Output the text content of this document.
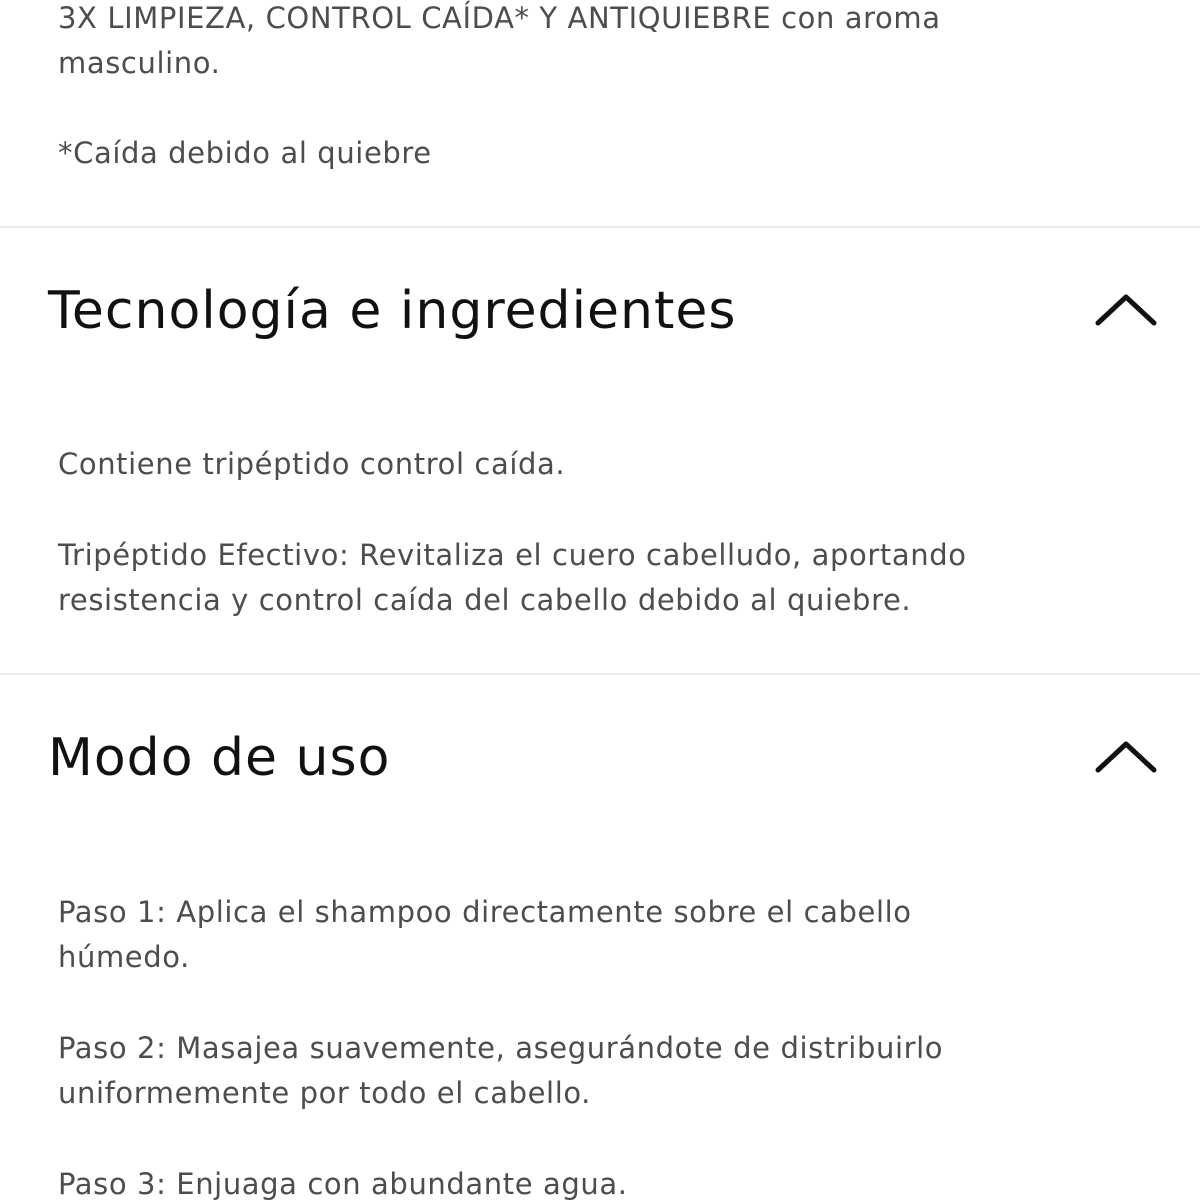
3X LIMPIEZA, CONTROL CAÍDA* Y ANTIQUIEBRE con aroma
masculino.

*Caída debido al quiebre

Tecnología e ingredientes

Contiene tripéptido control caída.

Tripéptido Efectivo: Revitaliza el cuero cabelludo, aportando
resistencia y control caída del cabello debido al quiebre.

Modo de uso

Paso 1: Aplica el shampoo directamente sobre el cabello
húmedo.

Paso 2: Masajea suavemente, asegurándote de distribuirlo
uniformemente por todo el cabello.

Paso 3: Enjuaga con abundante agua.
